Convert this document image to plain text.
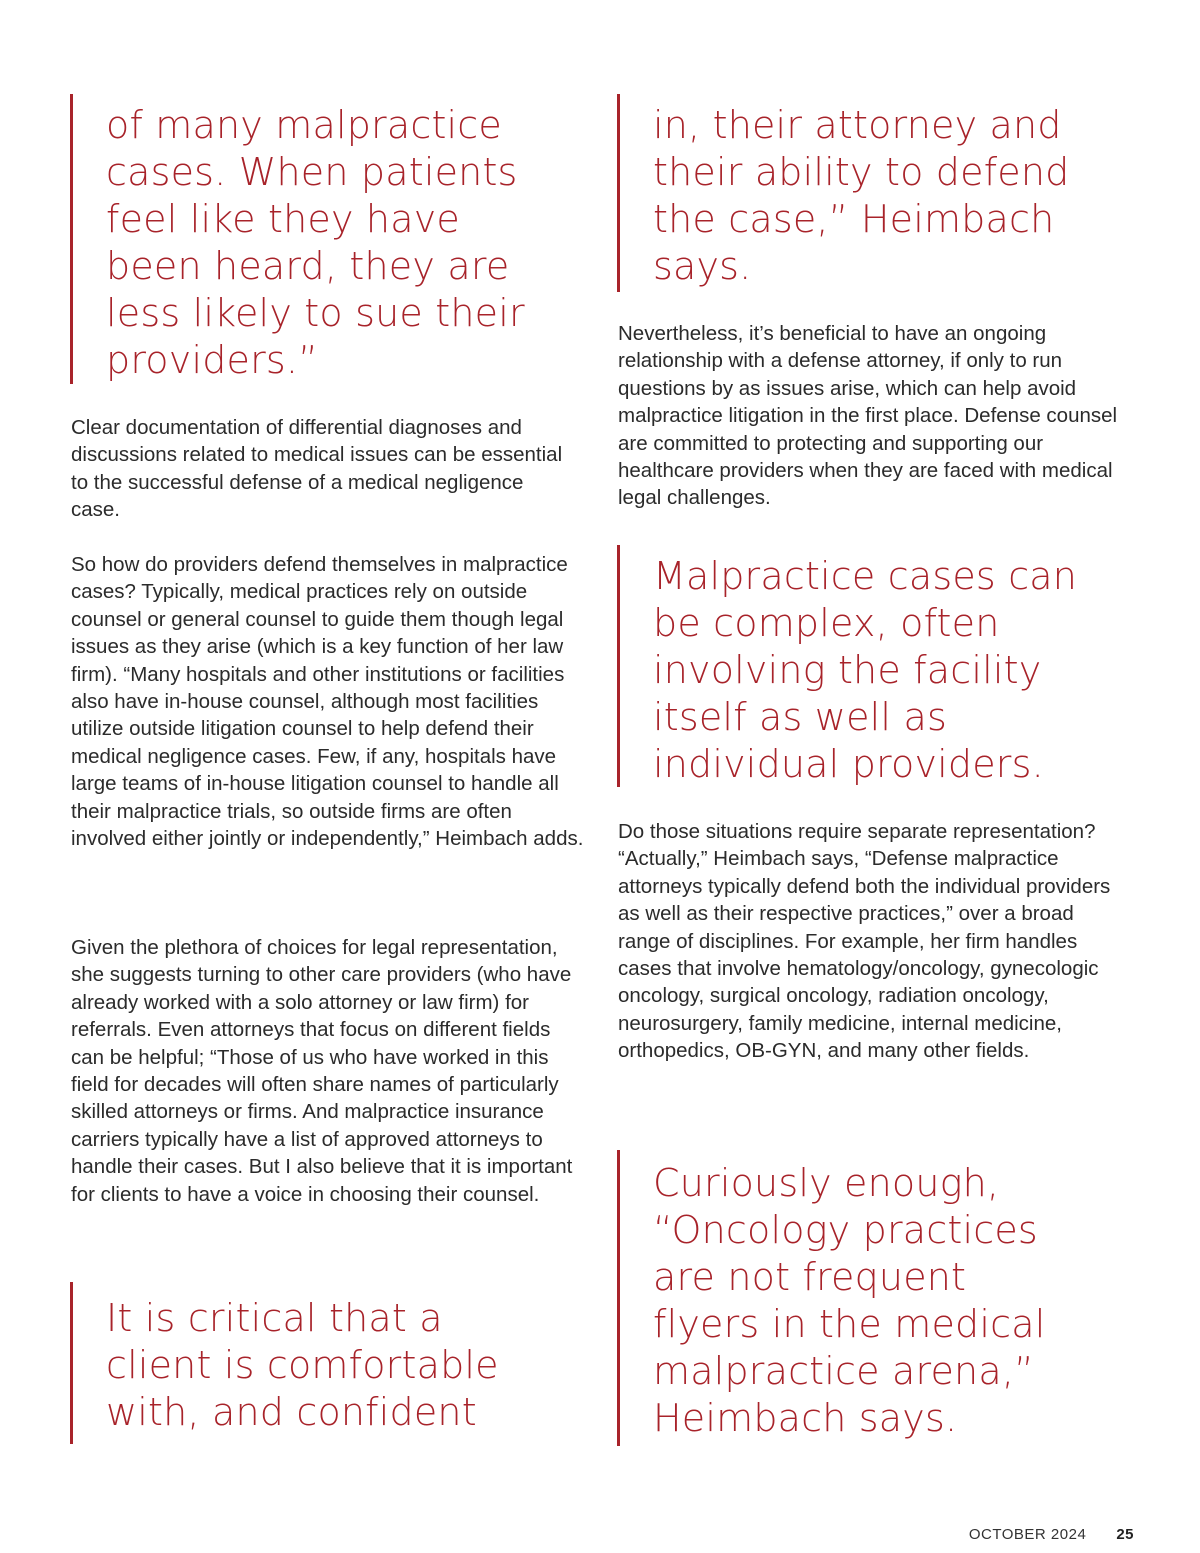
of many malpractice cases. When patients feel like they have been heard, they are less likely to sue their providers.”

Clear documentation of differential diagnoses and discussions related to medical issues can be essential to the successful defense of a medical negligence case.

So how do providers defend themselves in malpractice cases? Typically, medical practices rely on outside counsel or general counsel to guide them though legal issues as they arise (which is a key function of her law firm). “Many hospitals and other institutions or facilities also have in-house counsel, although most facilities utilize outside litigation counsel to help defend their medical negligence cases. Few, if any, hospitals have large teams of in-house litigation counsel to handle all their malpractice trials, so outside firms are often involved either jointly or independently,” Heimbach adds.

Given the plethora of choices for legal representation, she suggests turning to other care providers (who have already worked with a solo attorney or law firm) for referrals. Even attorneys that focus on different fields can be helpful; “Those of us who have worked in this field for decades will often share names of particularly skilled attorneys or firms. And malpractice insurance carriers typically have a list of approved attorneys to handle their cases. But I also believe that it is important for clients to have a voice in choosing their counsel.

It is critical that a client is comfortable with, and confident

in, their attorney and their ability to defend the case,” Heimbach says.

Nevertheless, it’s beneficial to have an ongoing relationship with a defense attorney, if only to run questions by as issues arise, which can help avoid malpractice litigation in the first place. Defense counsel are committed to protecting and supporting our healthcare providers when they are faced with medical legal challenges.

Malpractice cases can be complex, often involving the facility itself as well as individual providers.

Do those situations require separate representation? “Actually,” Heimbach says, “Defense malpractice attorneys typically defend both the individual providers as well as their respective practices,” over a broad range of disciplines. For example, her firm handles cases that involve hematology/oncology, gynecologic oncology, surgical oncology, radiation oncology, neurosurgery, family medicine, internal medicine, orthopedics, OB-GYN, and many other fields.

Curiously enough, “Oncology practices are not frequent flyers in the medical malpractice arena,” Heimbach says.

OCTOBER 2024 25
